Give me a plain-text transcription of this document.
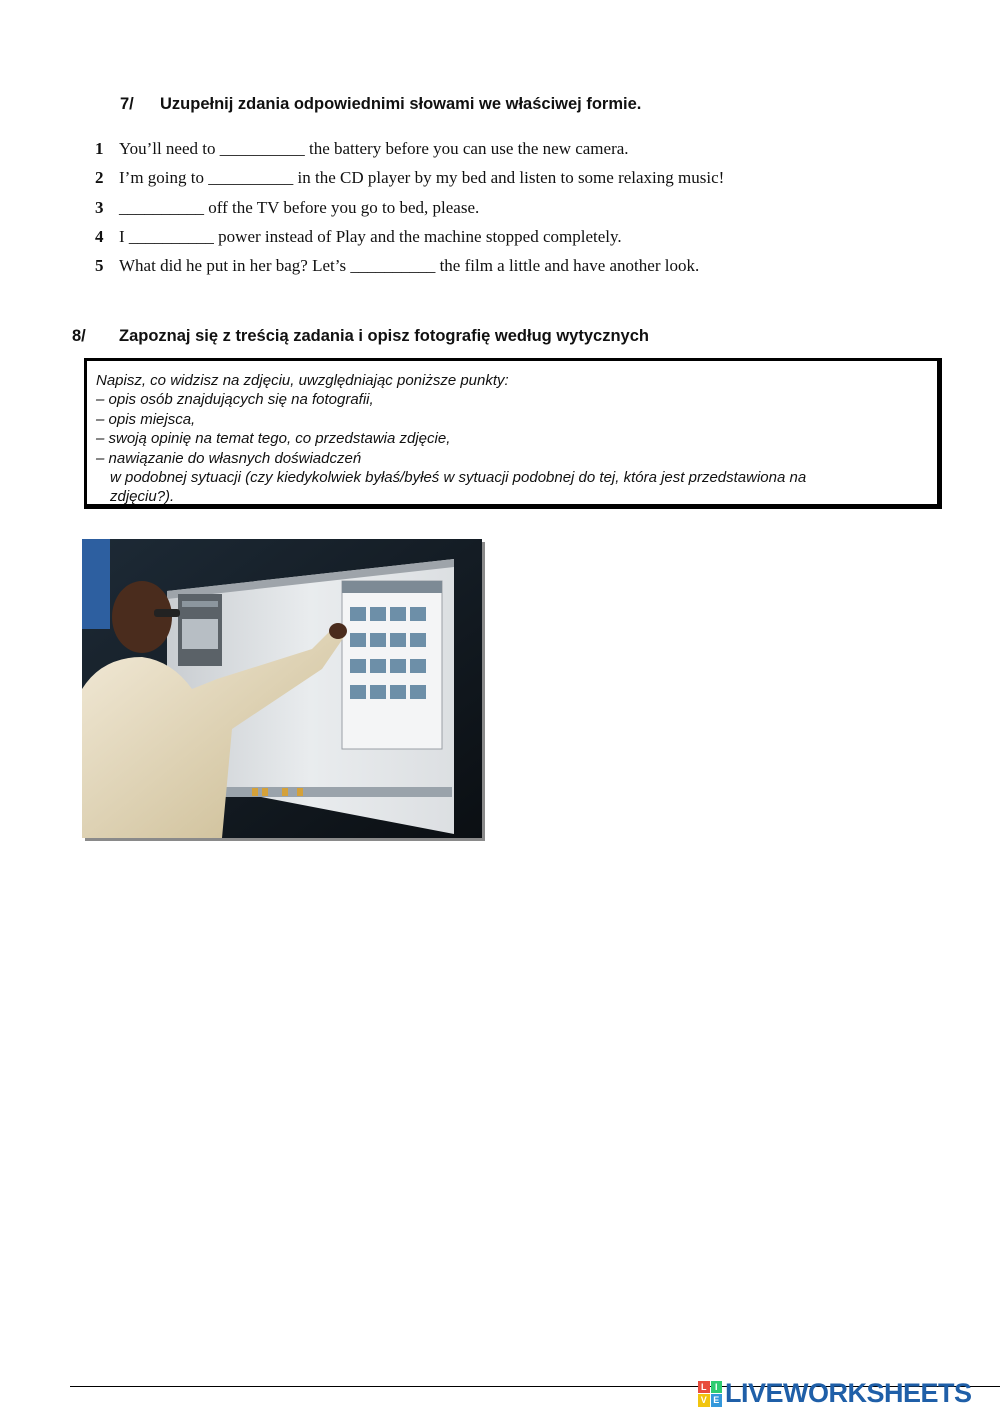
7/ Uzupełnij zdania odpowiednimi słowami we właściwej formie.
1 You’ll need to __________ the battery before you can use the new camera.
2 I’m going to __________ in the CD player by my bed and listen to some relaxing music!
3 __________ off the TV before you go to bed, please.
4 I __________ power instead of Play and the machine stopped completely.
5 What did he put in her bag? Let’s __________ the film a little and have another look.
8/ Zapoznaj się z treścią zadania i opisz fotografię według wytycznych
Napisz, co widzisz na zdjęciu, uwzględniając poniższe punkty:
– opis osób znajdujących się na fotografii,
– opis miejsca,
– swoją opinię na temat tego, co przedstawia zdjęcie,
– nawiązanie do własnych doświadczeń
w podobnej sytuacji (czy kiedykolwiek byłaś/byłeś w sytuacji podobnej do tej, która jest przedstawiona na
zdjęciu?).
L I
V E LIVEWORKSHEETS
